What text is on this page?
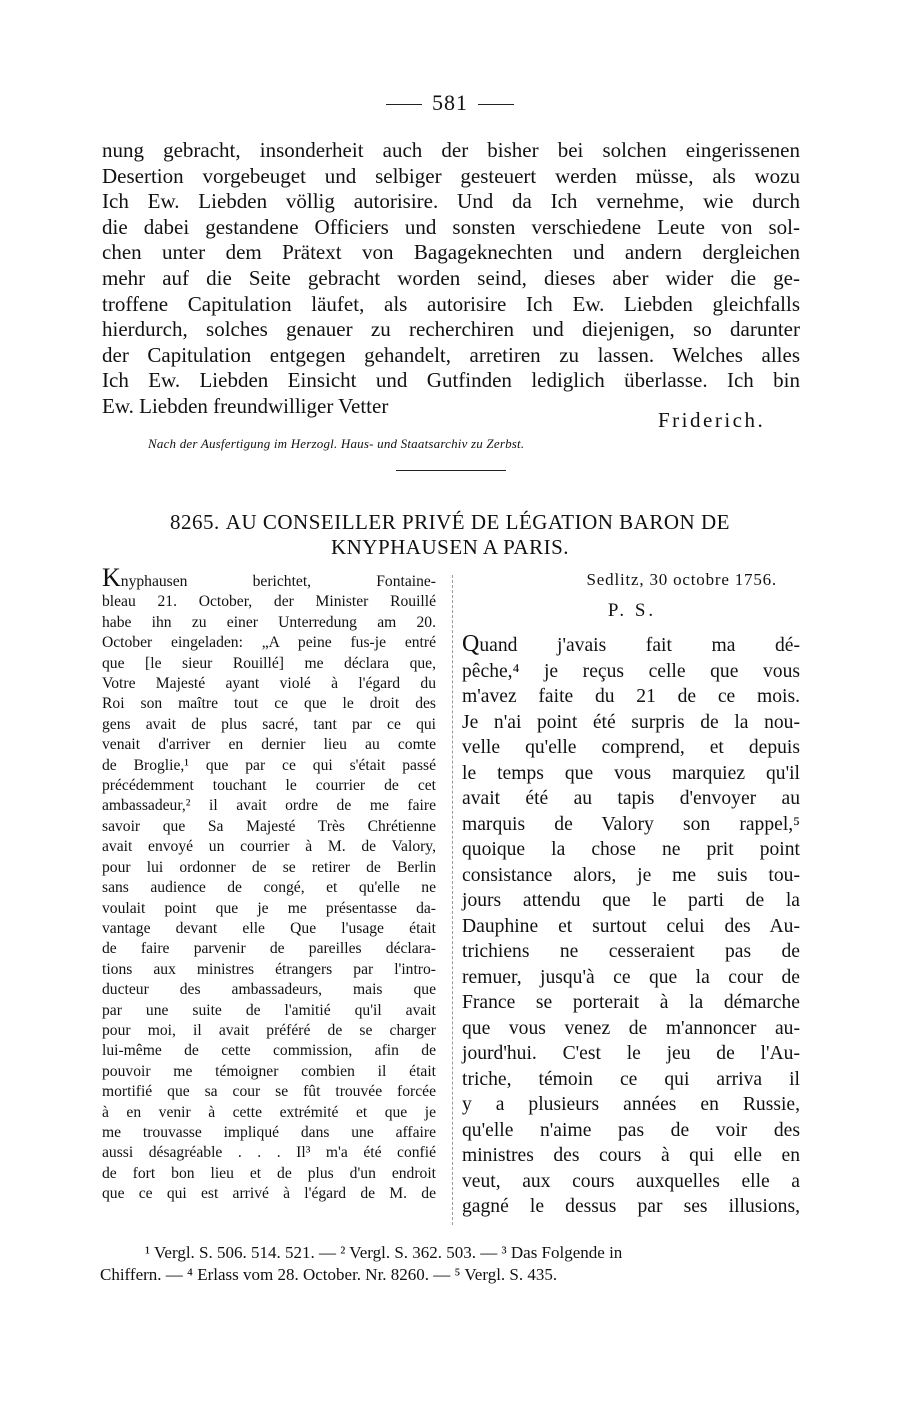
581
nung gebracht, insonderheit auch der bisher bei solchen eingerissenen
Desertion vorgebeuget und selbiger gesteuert werden müsse, als wozu
Ich Ew. Liebden völlig autorisire. Und da Ich vernehme, wie durch
die dabei gestandene Officiers und sonsten verschiedene Leute von sol-
chen unter dem Prätext von Bagageknechten und andern dergleichen
mehr auf die Seite gebracht worden seind, dieses aber wider die ge-
troffene Capitulation läufet, als autorisire Ich Ew. Liebden gleichfalls
hierdurch, solches genauer zu recherchiren und diejenigen, so darunter
der Capitulation entgegen gehandelt, arretiren zu lassen. Welches alles
Ich Ew. Liebden Einsicht und Gutfinden lediglich überlasse. Ich bin
Ew. Liebden freundwilliger Vetter
Friderich.
Nach der Ausfertigung im Herzogl. Haus- und Staatsarchiv zu Zerbst.
8265. AU CONSEILLER PRIVÉ DE LÉGATION BARON DE
KNYPHAUSEN A PARIS.
Knyphausen berichtet, Fontaine-
bleau 21. October, der Minister Rouillé
habe ihn zu einer Unterredung am 20.
October eingeladen: „A peine fus-je entré
que [le sieur Rouillé] me déclara que,
Votre Majesté ayant violé à l'égard du
Roi son maître tout ce que le droit des
gens avait de plus sacré, tant par ce qui
venait d'arriver en dernier lieu au comte
de Broglie,¹ que par ce qui s'était passé
précédemment touchant le courrier de cet
ambassadeur,² il avait ordre de me faire
savoir que Sa Majesté Très Chrétienne
avait envoyé un courrier à M. de Valory,
pour lui ordonner de se retirer de Berlin
sans audience de congé, et qu'elle ne
voulait point que je me présentasse da-
vantage devant elle Que l'usage était
de faire parvenir de pareilles déclara-
tions aux ministres étrangers par l'intro-
ducteur des ambassadeurs, mais que
par une suite de l'amitié qu'il avait
pour moi, il avait préféré de se charger
lui-même de cette commission, afin de
pouvoir me témoigner combien il était
mortifié que sa cour se fût trouvée forcée
à en venir à cette extrémité et que je
me trouvasse impliqué dans une affaire
aussi désagréable . . . Il³ m'a été confié
de fort bon lieu et de plus d'un endroit
que ce qui est arrivé à l'égard de M. de
Sedlitz, 30 octobre 1756.
P. S.
Quand j'avais fait ma dé-
pêche,⁴ je reçus celle que vous
m'avez faite du 21 de ce mois.
Je n'ai point été surpris de la nou-
velle qu'elle comprend, et depuis
le temps que vous marquiez qu'il
avait été au tapis d'envoyer au
marquis de Valory son rappel,⁵
quoique la chose ne prit point
consistance alors, je me suis tou-
jours attendu que le parti de la
Dauphine et surtout celui des Au-
trichiens ne cesseraient pas de
remuer, jusqu'à ce que la cour de
France se porterait à la démarche
que vous venez de m'annoncer au-
jourd'hui. C'est le jeu de l'Au-
triche, témoin ce qui arriva il
y a plusieurs années en Russie,
qu'elle n'aime pas de voir des
ministres des cours à qui elle en
veut, aux cours auxquelles elle a
gagné le dessus par ses illusions,
¹ Vergl. S. 506. 514. 521. — ² Vergl. S. 362. 503. — ³ Das Folgende in
Chiffern. — ⁴ Erlass vom 28. October. Nr. 8260. — ⁵ Vergl. S. 435.
